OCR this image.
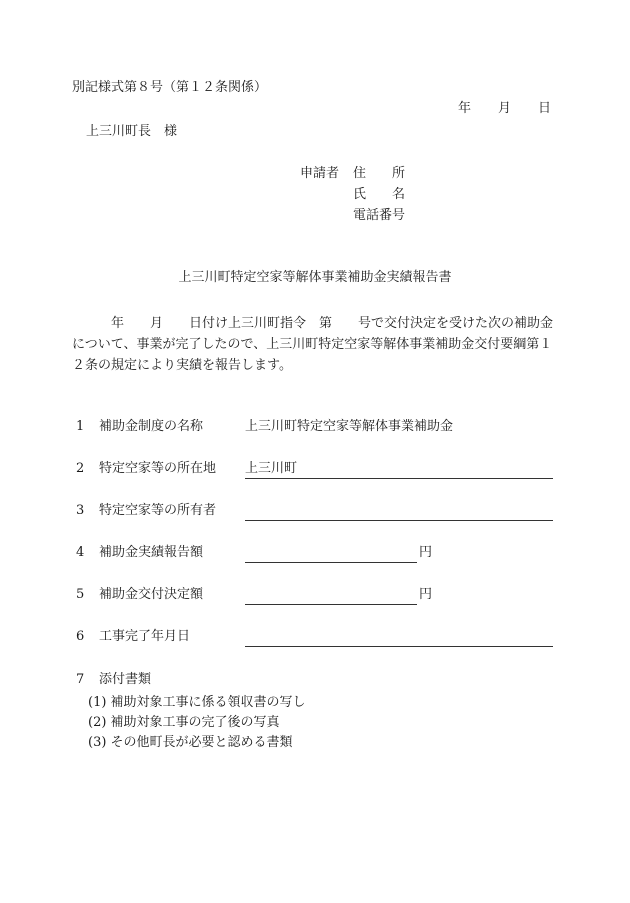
別記様式第８号（第１２条関係）
年 月 日
上三川町長　様
申請者	住　　所
氏　　名
電話番号
上三川町特定空家等解体事業補助金実績報告書
　　　年　　月　　日付け上三川町指令　第　　号で交付決定を受けた次の補助金について、事業が完了したので、上三川町特定空家等解体事業補助金交付要綱第１２条の規定により実績を報告します。
1 補助金制度の名称	上三川町特定空家等解体事業補助金
2 特定空家等の所在地 上三川町
3 特定空家等の所有者
4 補助金実績報告額	円
5 補助金交付決定額	円
6 工事完了年月日
7 添付書類
(1) 補助対象工事に係る領収書の写し
(2) 補助対象工事の完了後の写真
(3) その他町長が必要と認める書類
